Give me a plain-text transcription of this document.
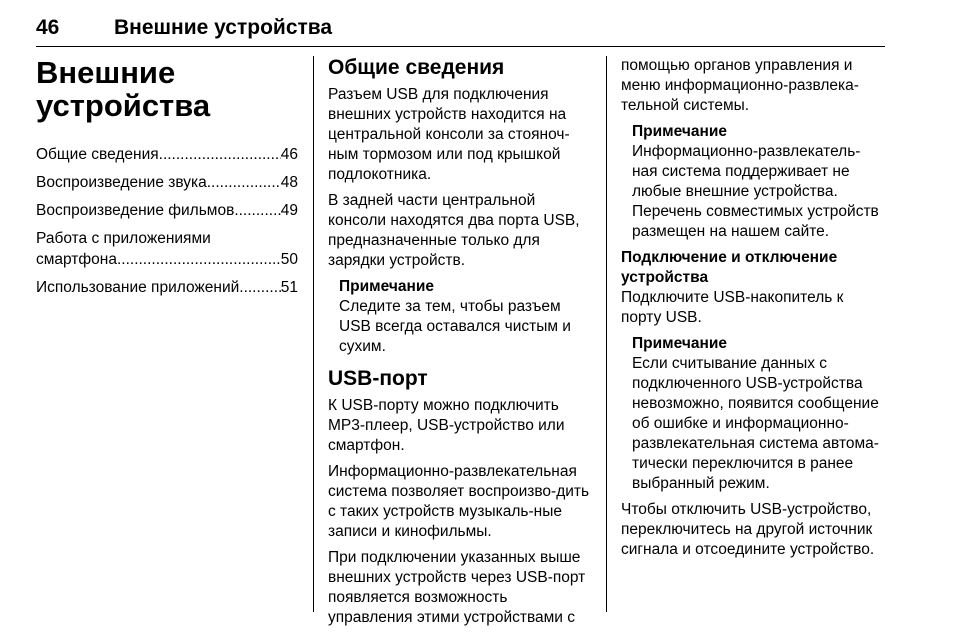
46	Внешние устройства
Внешние
устройства
Общие сведения .....	46
Воспроизведение звука .....	48
Воспроизведение фильмов .....	49
Работа с приложениями
смартфона .....	50
Использование приложений .....	51
Общие сведения
Разъем USB для подключения внешних устройств находится на центральной консоли за стояноч-ным тормозом или под крышкой подлокотника.
В задней части центральной консоли находятся два порта USB, предназначенные только для зарядки устройств.
Примечание
Следите за тем, чтобы разъем USB всегда оставался чистым и сухим.
USB-порт
К USB-порту можно подключить MP3-плеер, USB-устройство или смартфон.
Информационно-развлекательная система позволяет воспроизво-дить с таких устройств музыкаль-ные записи и кинофильмы.
При подключении указанных выше внешних устройств через USB-порт появляется возможность управления этими устройствами с
помощью органов управления и меню информационно-развлека-тельной системы.
Примечание
Информационно-развлекатель-ная система поддерживает не любые внешние устройства. Перечень совместимых устройств размещен на нашем сайте.
Подключение и отключение устройства
Подключите USB-накопитель к порту USB.
Примечание
Если считывание данных с подключенного USB-устройства невозможно, появится сообщение об ошибке и информационно-развлекательная система автома-тически переключится в ранее выбранный режим.
Чтобы отключить USB-устройство, переключитесь на другой источник сигнала и отсоедините устройство.
